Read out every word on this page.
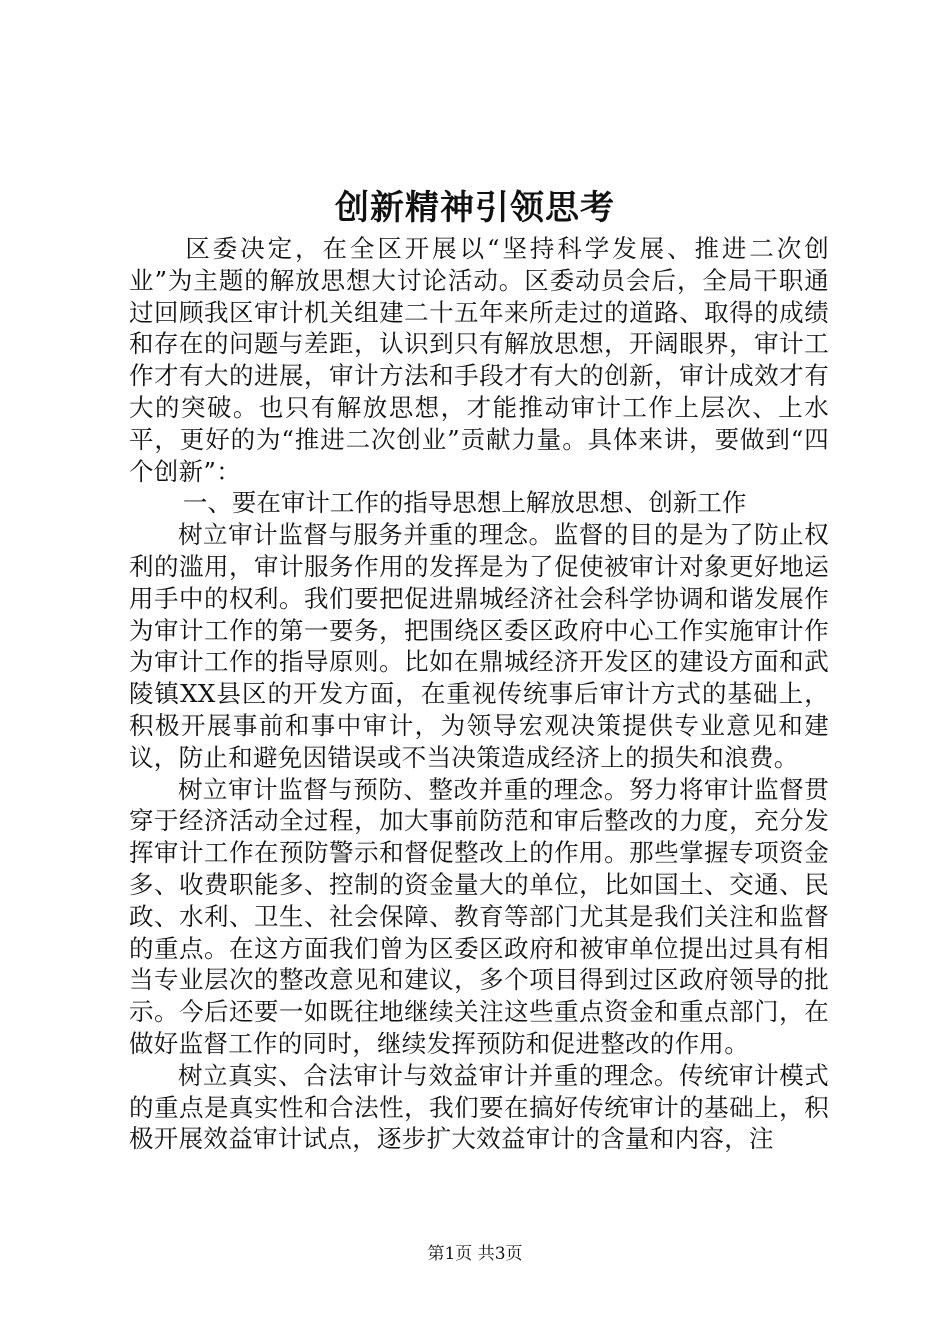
创新精神引领思考

区委决定，在全区开展以“坚持科学发展、推进二次创业”为主题的解放思想大讨论活动。区委动员会后，全局干职通过回顾我区审计机关组建二十五年来所走过的道路、取得的成绩和存在的问题与差距，认识到只有解放思想，开阔眼界，审计工作才有大的进展，审计方法和手段才有大的创新，审计成效才有大的突破。也只有解放思想，才能推动审计工作上层次、上水平，更好的为“推进二次创业”贡献力量。具体来讲，要做到“四个创新”：

一、要在审计工作的指导思想上解放思想、创新工作

树立审计监督与服务并重的理念。监督的目的是为了防止权利的滥用，审计服务作用的发挥是为了促使被审计对象更好地运用手中的权利。我们要把促进鼎城经济社会科学协调和谐发展作为审计工作的第一要务，把围绕区委区政府中心工作实施审计作为审计工作的指导原则。比如在鼎城经济开发区的建设方面和武陵镇XX县区的开发方面，在重视传统事后审计方式的基础上，积极开展事前和事中审计，为领导宏观决策提供专业意见和建议，防止和避免因错误或不当决策造成经济上的损失和浪费。

树立审计监督与预防、整改并重的理念。努力将审计监督贯穿于经济活动全过程，加大事前防范和审后整改的力度，充分发挥审计工作在预防警示和督促整改上的作用。那些掌握专项资金多、收费职能多、控制的资金量大的单位，比如国土、交通、民政、水利、卫生、社会保障、教育等部门尤其是我们关注和监督的重点。在这方面我们曾为区委区政府和被审单位提出过具有相当专业层次的整改意见和建议，多个项目得到过区政府领导的批示。今后还要一如既往地继续关注这些重点资金和重点部门，在做好监督工作的同时，继续发挥预防和促进整改的作用。

树立真实、合法审计与效益审计并重的理念。传统审计模式的重点是真实性和合法性，我们要在搞好传统审计的基础上，积极开展效益审计试点，逐步扩大效益审计的含量和内容，注

第1页 共3页
